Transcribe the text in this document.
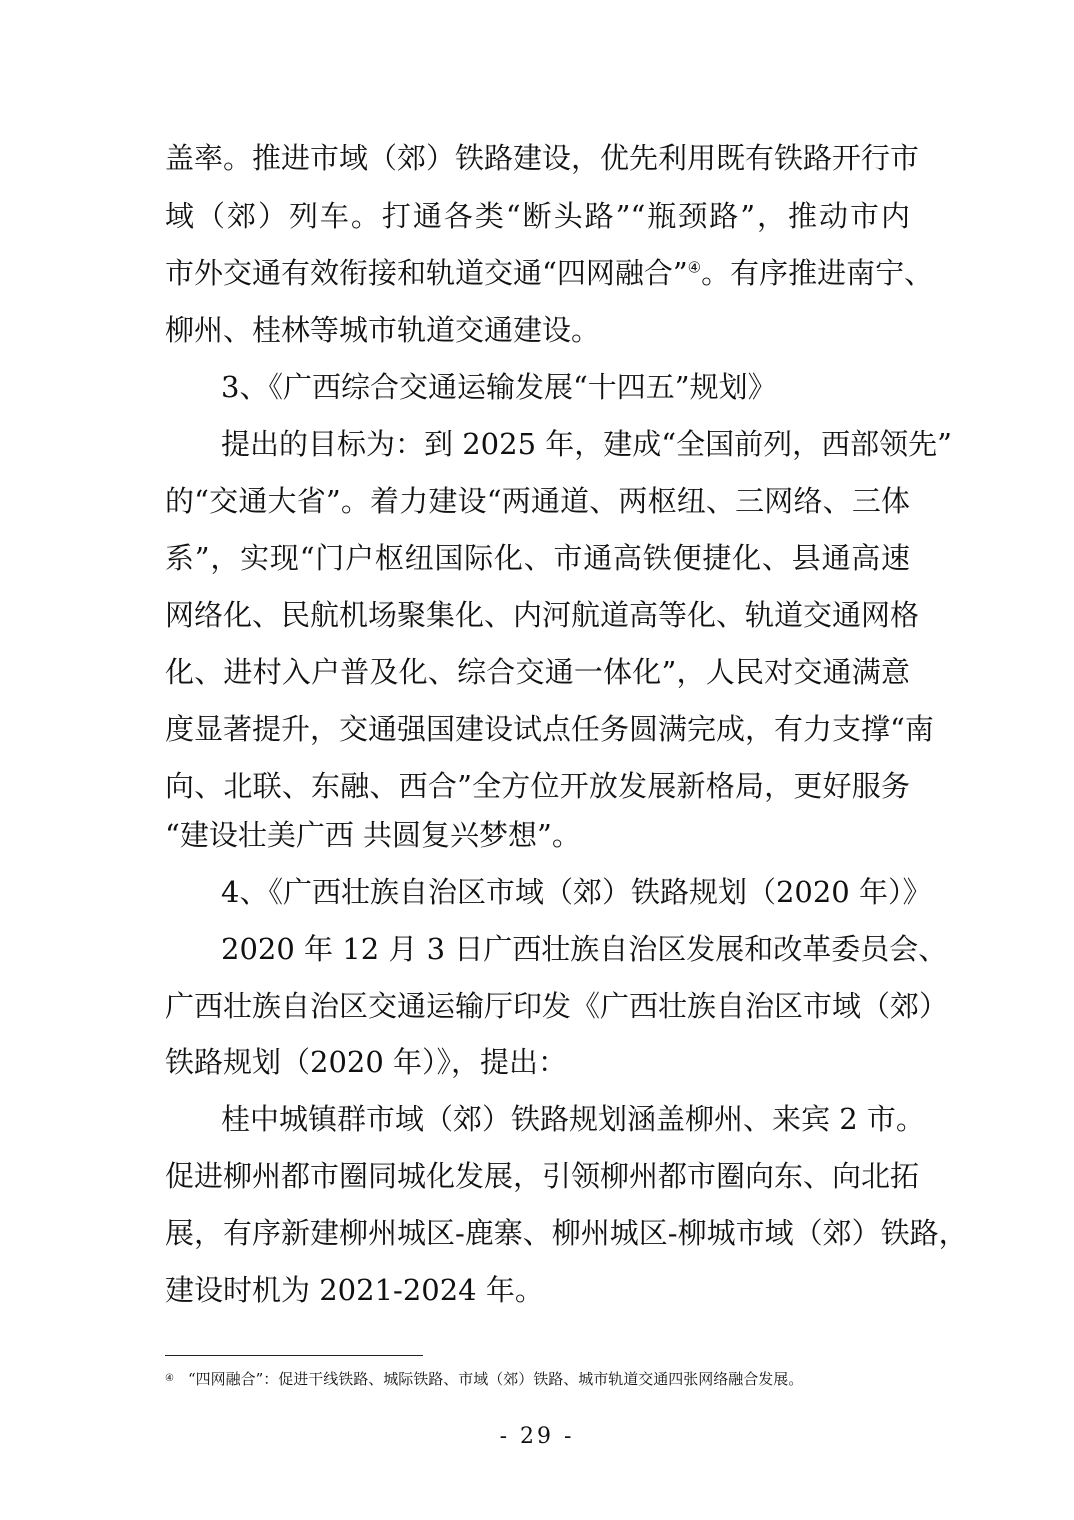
盖率。推进市域（郊）铁路建设，优先利用既有铁路开行市
域（郊）列车。打通各类“断头路”“瓶颈路”，推动市内
市外交通有效衔接和轨道交通“四网融合”④。有序推进南宁、
柳州、桂林等城市轨道交通建设。
3、《广西综合交通运输发展“十四五”规划》
提出的目标为：到 2025 年，建成“全国前列，西部领先”
的“交通大省”。着力建设“两通道、两枢纽、三网络、三体
系”，实现“门户枢纽国际化、市通高铁便捷化、县通高速
网络化、民航机场聚集化、内河航道高等化、轨道交通网格
化、进村入户普及化、综合交通一体化”，人民对交通满意
度显著提升，交通强国建设试点任务圆满完成，有力支撑“南
向、北联、东融、西合”全方位开放发展新格局，更好服务
“建设壮美广西 共圆复兴梦想”。
4、《广西壮族自治区市域（郊）铁路规划（2020 年）》
2020 年 12 月 3 日广西壮族自治区发展和改革委员会、
广西壮族自治区交通运输厅印发《广西壮族自治区市域（郊）
铁路规划（2020 年）》，提出：
桂中城镇群市域（郊）铁路规划涵盖柳州、来宾 2 市。
促进柳州都市圈同城化发展，引领柳州都市圈向东、向北拓
展，有序新建柳州城区-鹿寨、柳州城区-柳城市域（郊）铁路，
建设时机为 2021-2024 年。
④ “四网融合”：促进干线铁路、城际铁路、市域（郊）铁路、城市轨道交通四张网络融合发展。
- 29 -
